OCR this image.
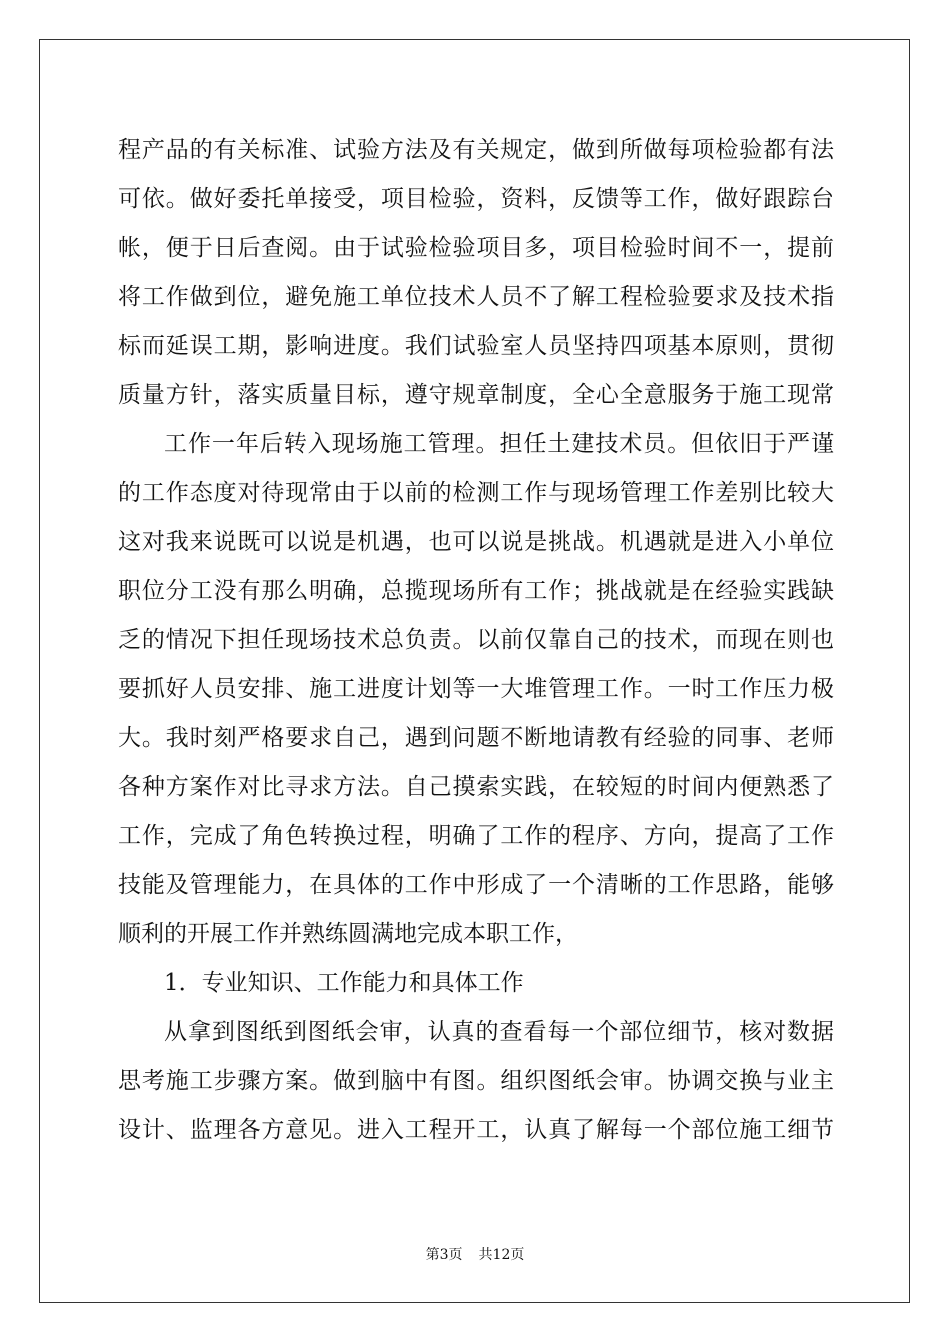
程产品的有关标准、试验方法及有关规定，做到所做每项检验都有法
可依。做好委托单接受，项目检验，资料，反馈等工作，做好跟踪台
帐，便于日后查阅。由于试验检验项目多，项目检验时间不一，提前
将工作做到位，避免施工单位技术人员不了解工程检验要求及技术指
标而延误工期，影响进度。我们试验室人员坚持四项基本原则，贯彻
质量方针，落实质量目标，遵守规章制度，全心全意服务于施工现常
工作一年后转入现场施工管理。担任土建技术员。但依旧于严谨
的工作态度对待现常由于以前的检测工作与现场管理工作差别比较大
这对我来说既可以说是机遇，也可以说是挑战。机遇就是进入小单位
职位分工没有那么明确，总揽现场所有工作；挑战就是在经验实践缺
乏的情况下担任现场技术总负责。以前仅靠自己的技术，而现在则也
要抓好人员安排、施工进度计划等一大堆管理工作。一时工作压力极
大。我时刻严格要求自己，遇到问题不断地请教有经验的同事、老师
各种方案作对比寻求方法。自己摸索实践，在较短的时间内便熟悉了
工作，完成了角色转换过程，明确了工作的程序、方向，提高了工作
技能及管理能力，在具体的工作中形成了一个清晰的工作思路，能够
顺利的开展工作并熟练圆满地完成本职工作，
1．专业知识、工作能力和具体工作
从拿到图纸到图纸会审，认真的查看每一个部位细节，核对数据
思考施工步骤方案。做到脑中有图。组织图纸会审。协调交换与业主
设计、监理各方意见。进入工程开工，认真了解每一个部位施工细节
第3页 共12页
